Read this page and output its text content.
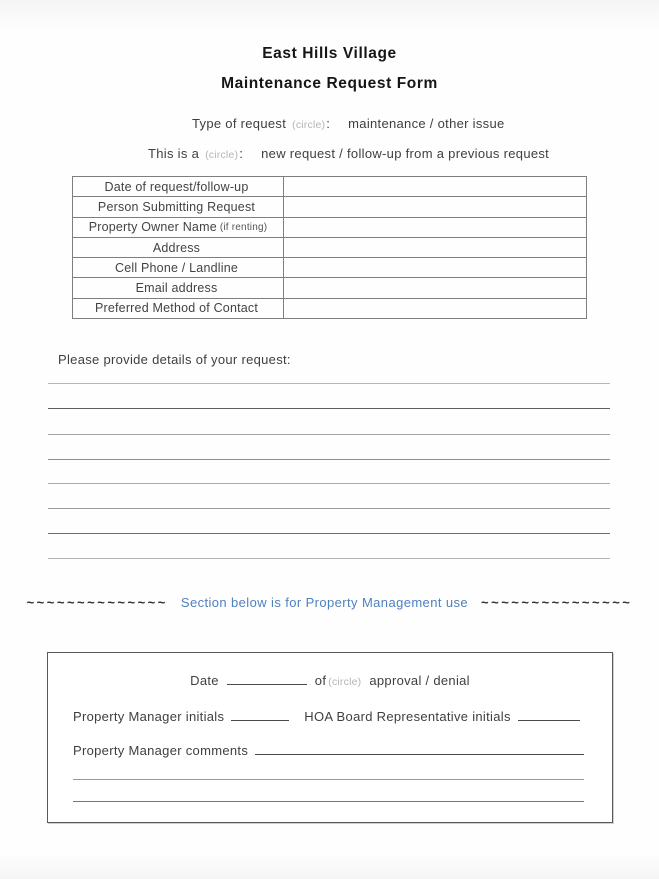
East Hills Village
Maintenance Request Form
Type of request (circle) : maintenance / other issue
This is a (circle) : new request / follow-up from a previous request
Date of request/follow-up
Person Submitting Request
Property Owner Name (if renting)
Address
Cell Phone / Landline
Email address
Preferred Method of Contact
Please provide details of your request:
~~~~~~~~~~~~~~ Section below is for Property Management use ~~~~~~~~~~~~~~~
Date	of (circle) approval / denial
Property Manager initials	HOA Board Representative initials
Property Manager comments
